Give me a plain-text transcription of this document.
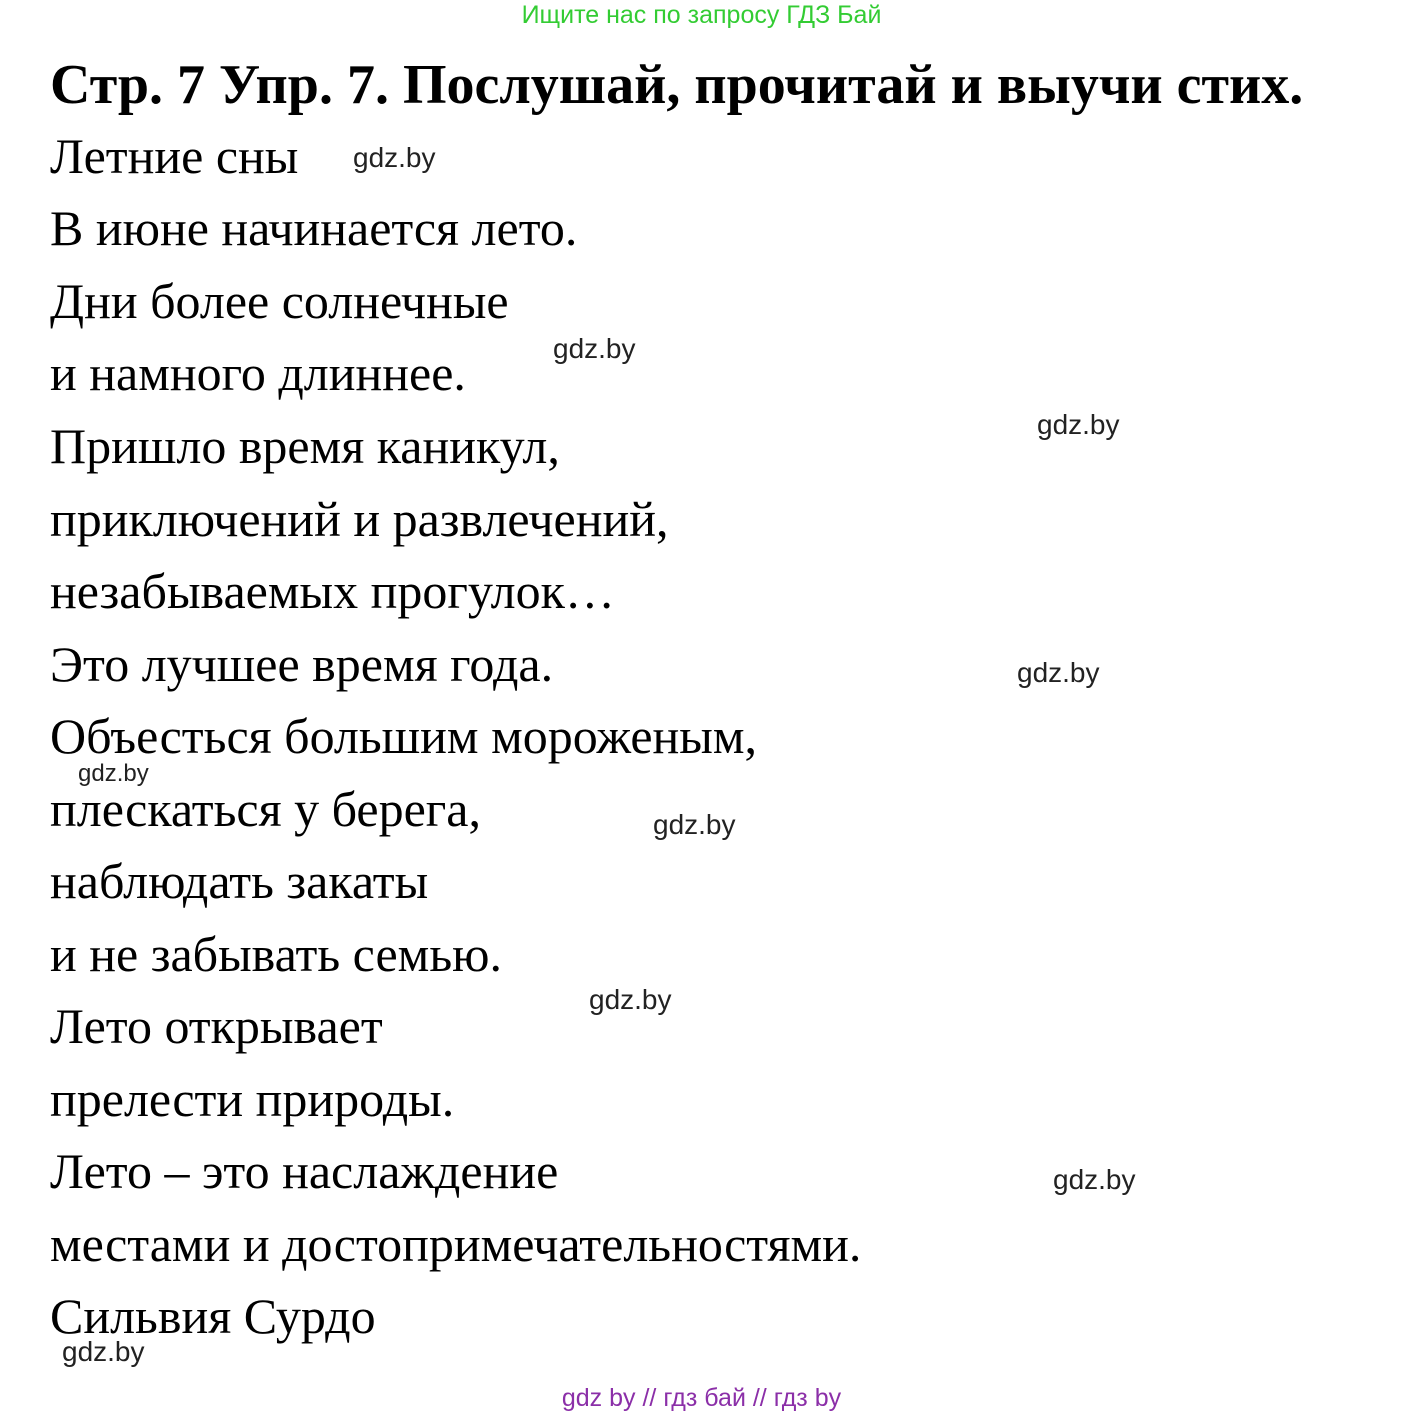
Ищите нас по запросу ГДЗ Бай
Стр. 7 Упр. 7. Послушай, прочитай и выучи стих.
Летние сны
В июне начинается лето.
Дни более солнечные
и намного длиннее.
Пришло время каникул,
приключений и развлечений,
незабываемых прогулок…
Это лучшее время года.
Объесться большим мороженым,
плескаться у берега,
наблюдать закаты
и не забывать семью.
Лето открывает
прелести природы.
Лето – это наслаждение
местами и достопримечательностями.
Сильвия Сурдо
gdz.by
gdz.by
gdz.by
gdz.by
gdz.by
gdz.by
gdz.by
gdz.by
gdz.by
gdz by // гдз бай // гдз by
